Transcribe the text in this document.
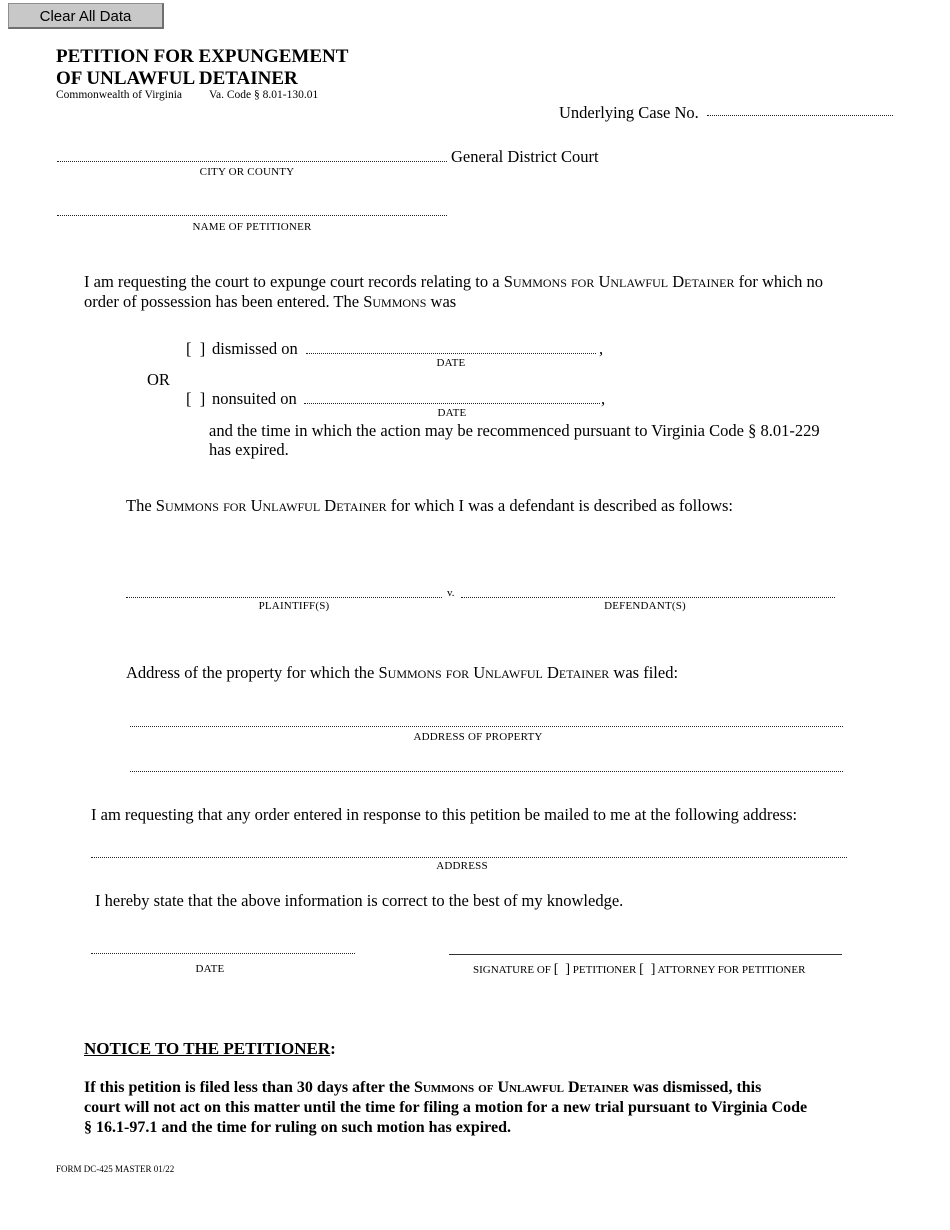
Clear All Data
PETITION FOR EXPUNGEMENT
OF UNLAWFUL DETAINER
Commonwealth of Virginia Va. Code § 8.01-130.01
Underlying Case No.
General District Court
CITY OR COUNTY
NAME OF PETITIONER
I am requesting the court to expunge court records relating to a Summons for Unlawful Detainer for which no
order of possession has been entered. The Summons was
[  ] dismissed on	,
DATE
OR
[  ] nonsuited on	,
DATE
and the time in which the action may be recommenced pursuant to Virginia Code § 8.01-229
has expired.
The Summons for Unlawful Detainer for which I was a defendant is described as follows:
v.
PLAINTIFF(S)	DEFENDANT(S)
Address of the property for which the Summons for Unlawful Detainer was filed:
ADDRESS OF PROPERTY
I am requesting that any order entered in response to this petition be mailed to me at the following address:
ADDRESS
I hereby state that the above information is correct to the best of my knowledge.
DATE	SIGNATURE OF [  ] PETITIONER [  ] ATTORNEY FOR PETITIONER
NOTICE TO THE PETITIONER:
If this petition is filed less than 30 days after the Summons of Unlawful Detainer was dismissed, this
court will not act on this matter until the time for filing a motion for a new trial pursuant to Virginia Code
§ 16.1-97.1 and the time for ruling on such motion has expired.
FORM DC-425 MASTER 01/22
